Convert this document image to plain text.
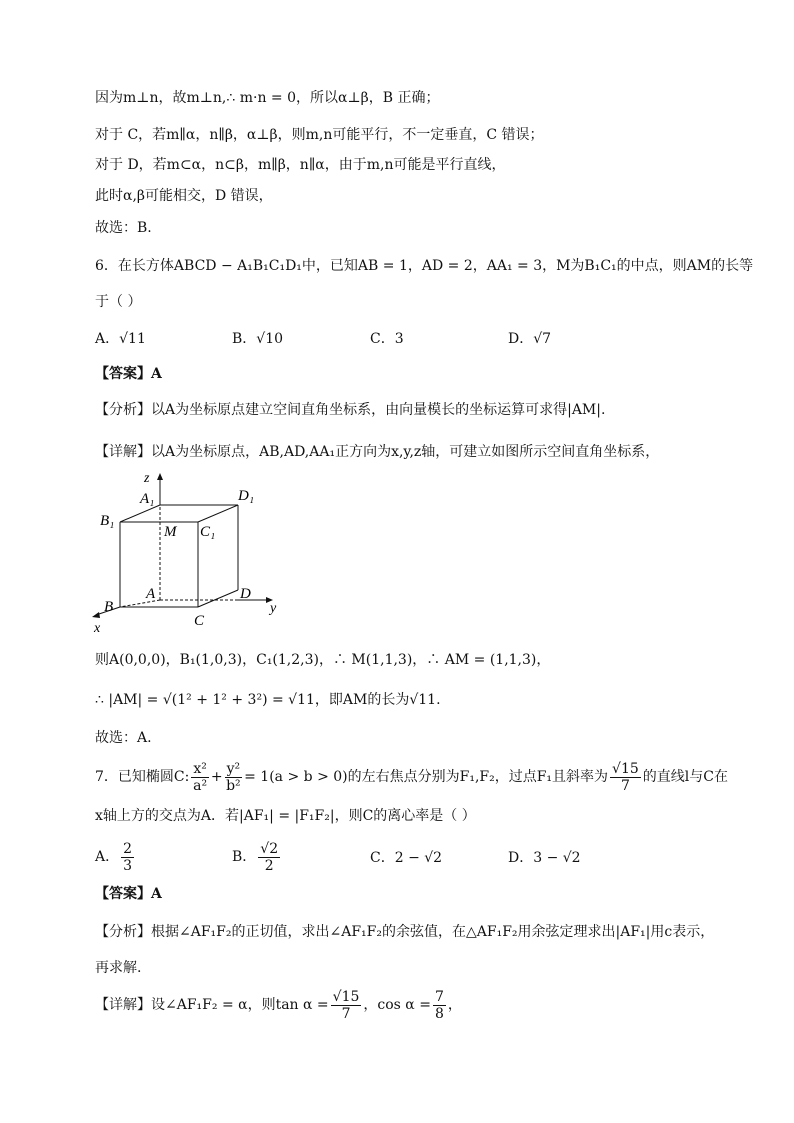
因为m⊥n，故m⊥n,∴ m·n = 0，所以α⊥β，B 正确；
对于 C，若m∥α，n∥β，α⊥β，则m,n可能平行，不一定垂直，C 错误；
对于 D，若m⊂α，n⊂β，m∥β，n∥α，由于m,n可能是平行直线，
此时α,β可能相交，D 错误，
故选：B.
6．在长方体ABCD − A₁B₁C₁D₁中，已知AB = 1，AD = 2，AA₁ = 3，M为B₁C₁的中点，则AM的长等
于（ ）
A．√11	B．√10	C．3	D．√7
【答案】A
【分析】以A为坐标原点建立空间直角坐标系，由向量模长的坐标运算可求得|AM|.
【详解】以A为坐标原点，AB,AD,AA₁正方向为x,y,z轴，可建立如图所示空间直角坐标系，
z
y
x
A₁
B₁
C₁
D₁
M
A
B
C
D
则A(0,0,0)，B₁(1,0,3)，C₁(1,2,3)，∴ M(1,1,3)，∴ AM = (1,1,3)，
∴ |AM| = √(1² + 1² + 3²) = √11，即AM的长为√11.
故选：A.
7．已知椭圆C: $\frac{\text{x²}}{\text{a²}} + \frac{\text{y²}}{\text{b²}} = 1(a > b > 0)$的左右焦点分别为F₁,F₂，过点F₁且斜率为 $\frac{√15}{7}$ 的直线l与C在
x轴上方的交点为A．若|AF₁| = |F₁F₂|，则C的离心率是（ ）
A． $\frac{2}{3}$	B． $\frac{√2}{2}$	C．2 − √2	D．3 − √2
【答案】A
【分析】根据∠AF₁F₂的正切值，求出∠AF₁F₂的余弦值，在△AF₁F₂用余弦定理求出|AF₁|用c表示，
再求解.
【详解】设∠AF₁F₂ = α，则$\tan \alpha = \frac{√15}{7}$ ，$\cos \alpha = \frac{7}{8}$ ，
